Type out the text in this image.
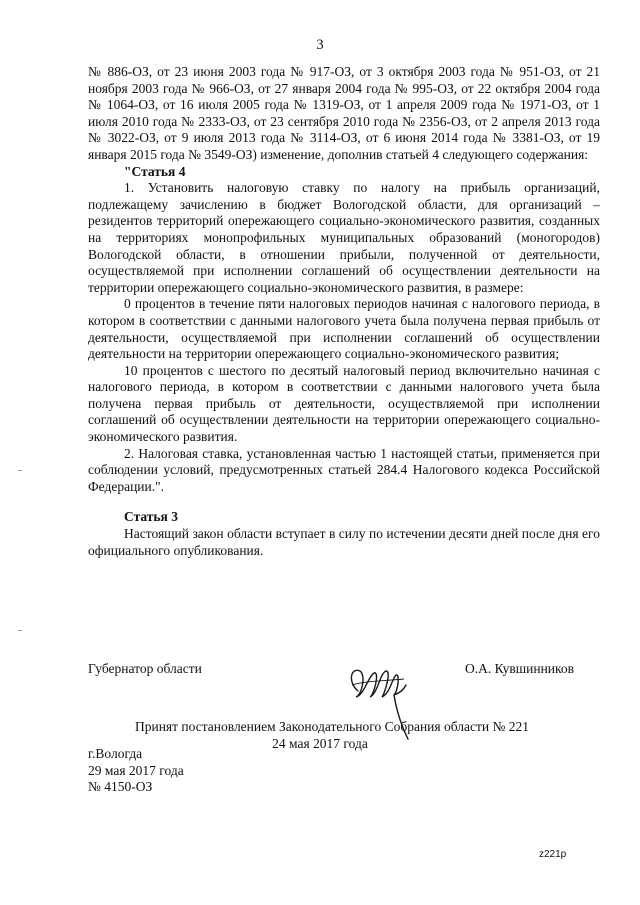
3

№ 886-ОЗ, от 23 июня 2003 года № 917-ОЗ, от 3 октября 2003 года № 951-ОЗ, от 21 ноября 2003 года № 966-ОЗ, от 27 января 2004 года № 995-ОЗ, от 22 октября 2004 года № 1064-ОЗ, от 16 июля 2005 года № 1319-ОЗ, от 1 апреля 2009 года № 1971-ОЗ, от 1 июля 2010 года № 2333-ОЗ, от 23 сентября 2010 года № 2356-ОЗ, от 2 апреля 2013 года № 3022-ОЗ, от 9 июля 2013 года № 3114-ОЗ, от 6 июня 2014 года № 3381-ОЗ, от 19 января 2015 года № 3549-ОЗ) изменение, дополнив статьей 4 следующего содержания:

"Статья 4

1. Установить налоговую ставку по налогу на прибыль организаций, подлежащему зачислению в бюджет Вологодской области, для организаций – резидентов территорий опережающего социально-экономического развития, созданных на территориях монопрофильных муниципальных образований (моногородов) Вологодской области, в отношении прибыли, полученной от деятельности, осуществляемой при исполнении соглашений об осуществлении деятельности на территории опережающего социально-экономического развития, в размере:

0 процентов в течение пяти налоговых периодов начиная с налогового периода, в котором в соответствии с данными налогового учета была получена первая прибыль от деятельности, осуществляемой при исполнении соглашений об осуществлении деятельности на территории опережающего социально-экономического развития;

10 процентов с шестого по десятый налоговый период включительно начиная с налогового периода, в котором в соответствии с данными налогового учета была получена первая прибыль от деятельности, осуществляемой при исполнении соглашений об осуществлении деятельности на территории опережающего социально-экономического развития.

2. Налоговая ставка, установленная частью 1 настоящей статьи, применяется при соблюдении условий, предусмотренных статьей 284.4 Налогового кодекса Российской Федерации.".

Статья 3

Настоящий закон области вступает в силу по истечении десяти дней после дня его официального опубликования.

Губернатор области	О.А. Кувшинников
Принят постановлением Законодательного Собрания области № 221
24 мая 2017 года
г.Вологда
29 мая 2017 года
№ 4150-ОЗ
z221p
